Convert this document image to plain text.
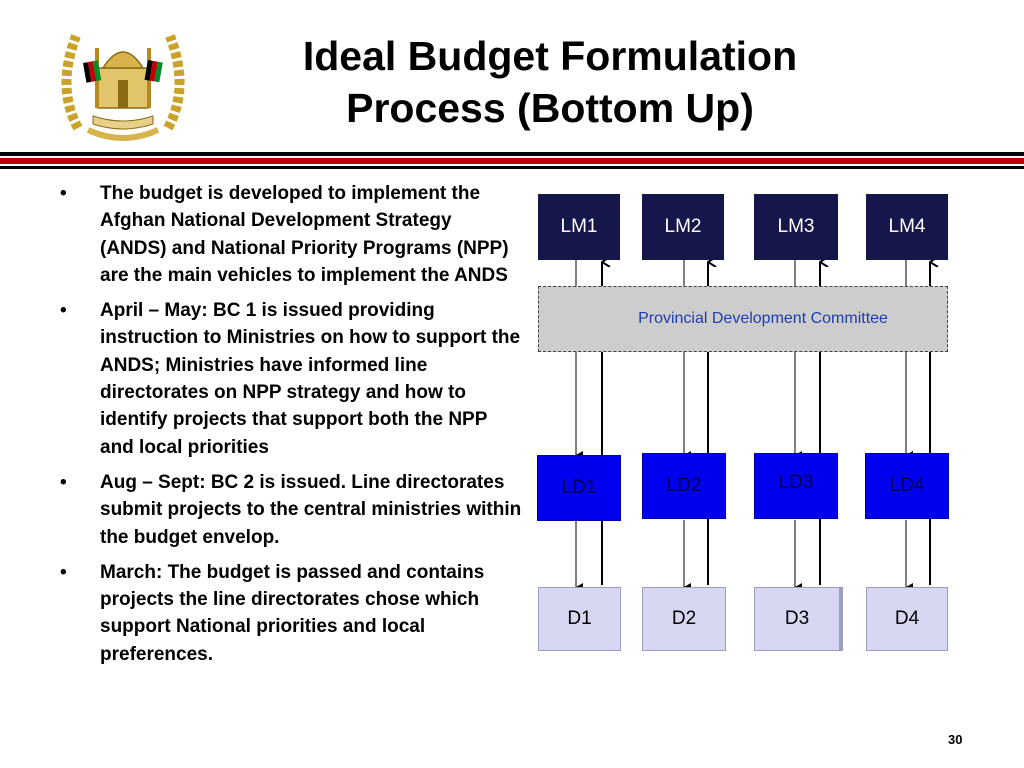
Ideal Budget Formulation
Process (Bottom Up)
• The budget is developed to implement the Afghan National Development Strategy (ANDS) and National Priority Programs (NPP) are the main vehicles to implement the ANDS
• April – May: BC 1 is issued providing instruction to Ministries on how to support the ANDS; Ministries have informed line directorates on NPP strategy and how to identify projects that support both the NPP and local priorities
• Aug – Sept: BC 2 is issued. Line directorates submit projects to the central ministries within the budget envelop.
• March: The budget is passed and contains projects the line directorates chose which support National priorities and local preferences.
LM1	LM2	LM3	LM4
Provincial Development Committee
LD1	LD2	LD3	LD4
D1	D2	D3	D4
30
